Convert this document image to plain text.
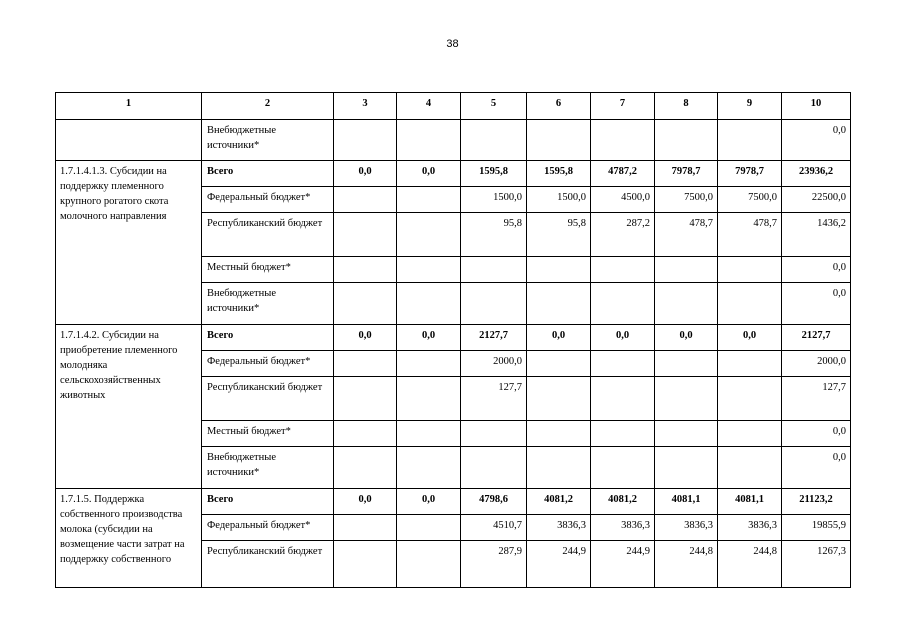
38
1	2	3	4	5	6	7	8	9	10
	Внебюджетные источники*								0,0
1.7.1.4.1.3. Субсидии на поддержку племенного крупного рогатого скота молочного направления	Всего	0,0	0,0	1595,8	1595,8	4787,2	7978,7	7978,7	23936,2
	Федеральный бюджет*			1500,0	1500,0	4500,0	7500,0	7500,0	22500,0
	Республиканский бюджет			95,8	95,8	287,2	478,7	478,7	1436,2
	Местный бюджет*								0,0
	Внебюджетные источники*								0,0
1.7.1.4.2. Субсидии на приобретение племенного молодняка сельскохозяйственных животных	Всего	0,0	0,0	2127,7	0,0	0,0	0,0	0,0	2127,7
	Федеральный бюджет*			2000,0					2000,0
	Республиканский бюджет			127,7					127,7
	Местный бюджет*								0,0
	Внебюджетные источники*								0,0
1.7.1.5. Поддержка собственного производства молока (субсидии на возмещение части затрат на поддержку собственного	Всего	0,0	0,0	4798,6	4081,2	4081,2	4081,1	4081,1	21123,2
	Федеральный бюджет*			4510,7	3836,3	3836,3	3836,3	3836,3	19855,9
	Республиканский бюджет			287,9	244,9	244,9	244,8	244,8	1267,3
